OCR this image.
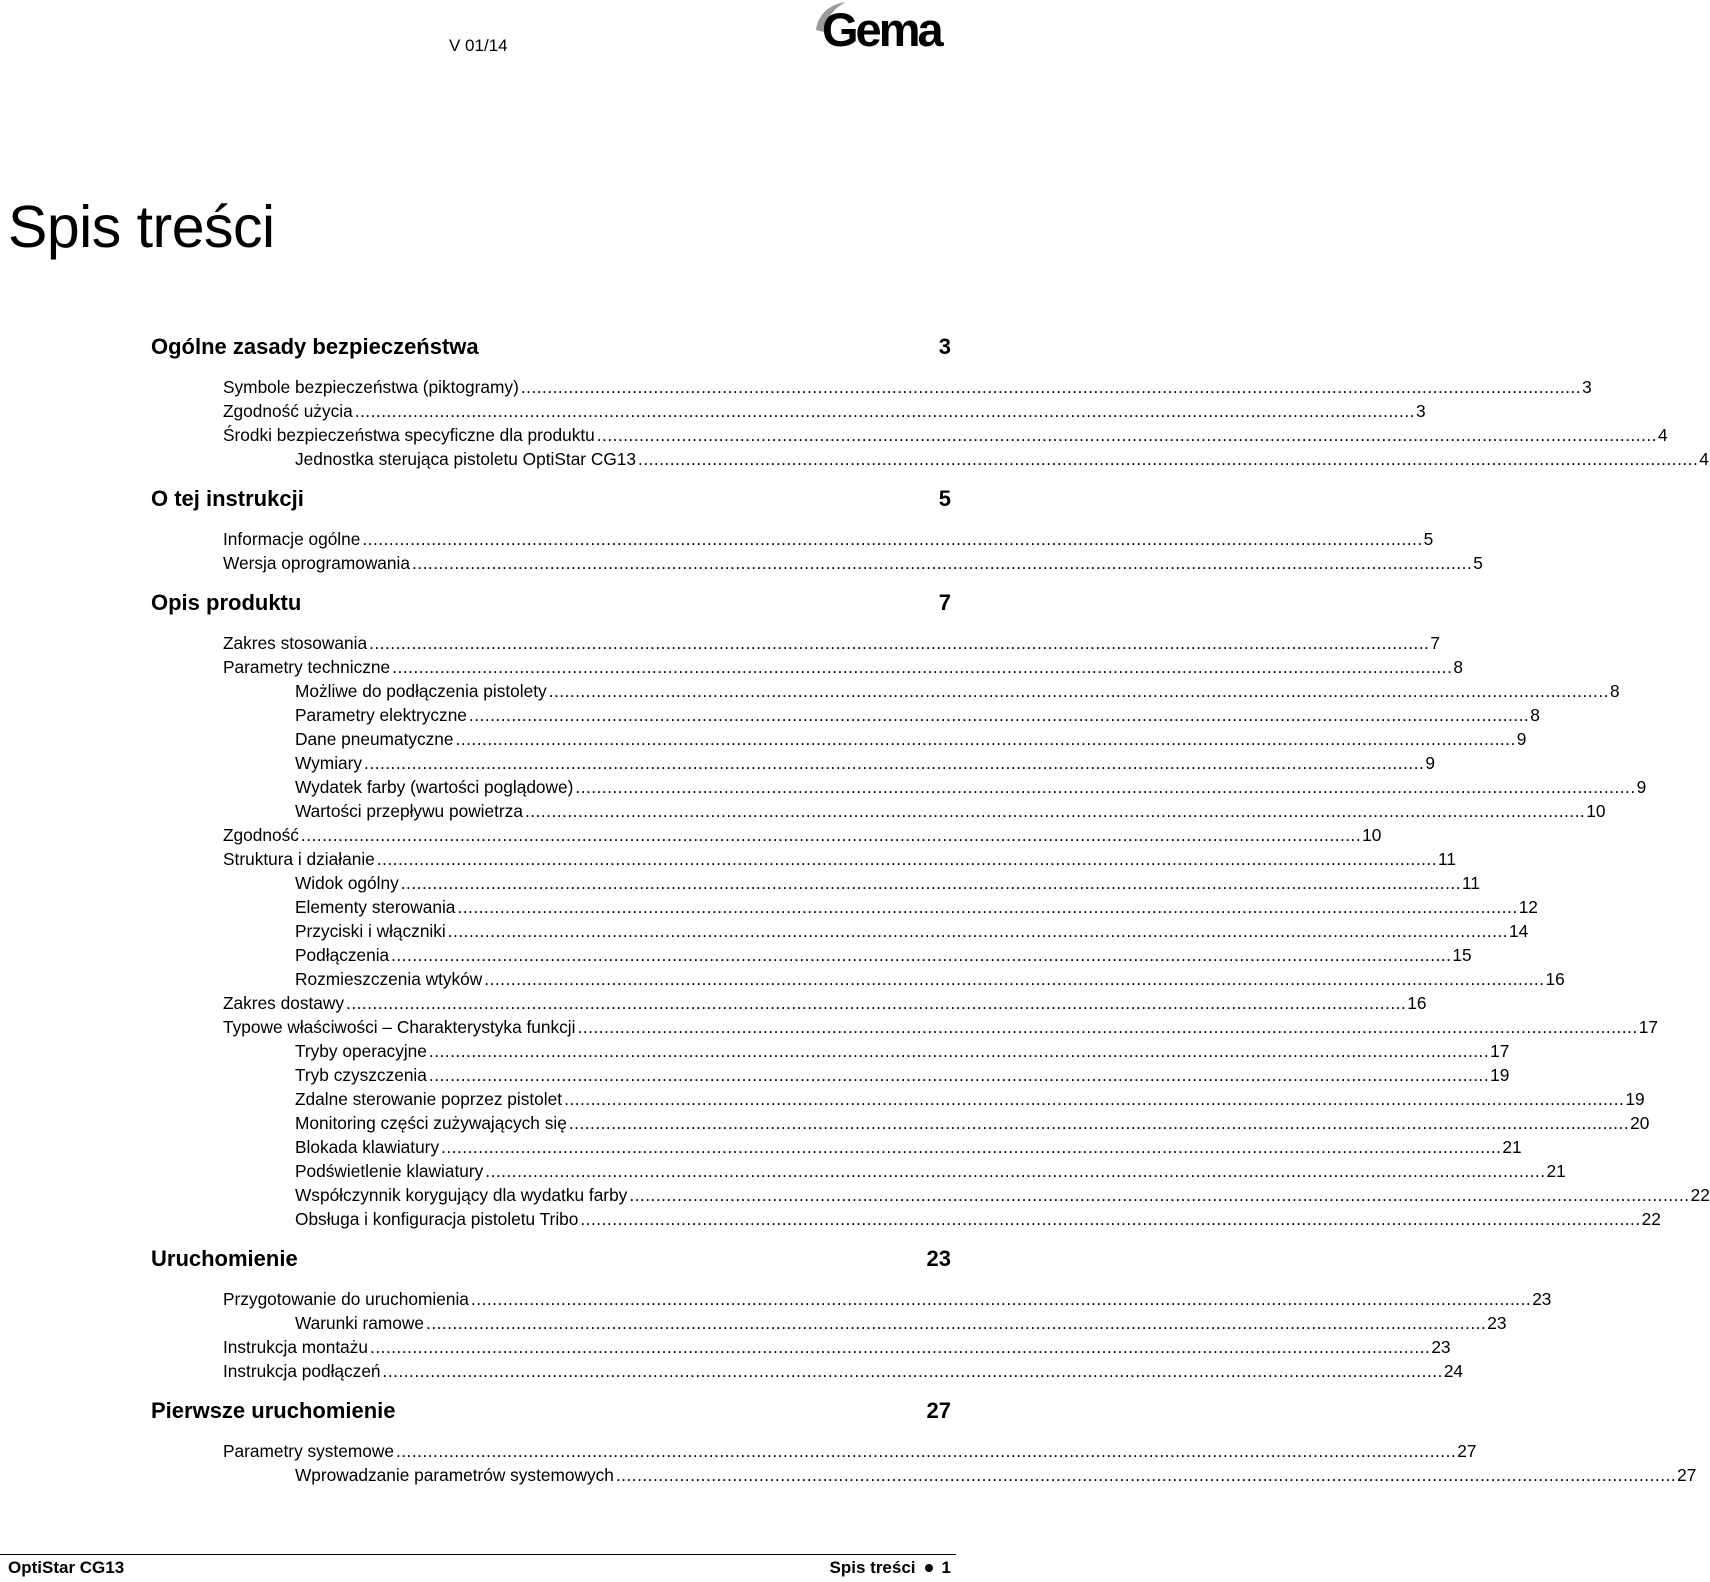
V 01/14	Gema
Spis treści
Ogólne zasady bezpieczeństwa	3
Symbole bezpieczeństwa (piktogramy) ........................................................................................................................................................................................................ 3
Zgodność użycia ........................................................................................................................................................................................................ 3
Środki bezpieczeństwa specyficzne dla produktu ........................................................................................................................................................................................................ 4
Jednostka sterująca pistoletu OptiStar CG13 ........................................................................................................................................................................................................ 4
O tej instrukcji	5
Informacje ogólne ........................................................................................................................................................................................................ 5
Wersja oprogramowania ........................................................................................................................................................................................................ 5
Opis produktu	7
Zakres stosowania ........................................................................................................................................................................................................ 7
Parametry techniczne ........................................................................................................................................................................................................ 8
Możliwe do podłączenia pistolety ........................................................................................................................................................................................................ 8
Parametry elektryczne ........................................................................................................................................................................................................ 8
Dane pneumatyczne ........................................................................................................................................................................................................ 9
Wymiary ........................................................................................................................................................................................................ 9
Wydatek farby (wartości poglądowe) ........................................................................................................................................................................................................ 9
Wartości przepływu powietrza ........................................................................................................................................................................................................ 10
Zgodność ........................................................................................................................................................................................................ 10
Struktura i działanie ........................................................................................................................................................................................................ 11
Widok ogólny ........................................................................................................................................................................................................ 11
Elementy sterowania ........................................................................................................................................................................................................ 12
Przyciski i włączniki ........................................................................................................................................................................................................ 14
Podłączenia ........................................................................................................................................................................................................ 15
Rozmieszczenia wtyków ........................................................................................................................................................................................................ 16
Zakres dostawy ........................................................................................................................................................................................................ 16
Typowe właściwości – Charakterystyka funkcji ........................................................................................................................................................................................................ 17
Tryby operacyjne ........................................................................................................................................................................................................ 17
Tryb czyszczenia ........................................................................................................................................................................................................ 19
Zdalne sterowanie poprzez pistolet ........................................................................................................................................................................................................ 19
Monitoring części zużywających się ........................................................................................................................................................................................................ 20
Blokada klawiatury ........................................................................................................................................................................................................ 21
Podświetlenie klawiatury ........................................................................................................................................................................................................ 21
Współczynnik korygujący dla wydatku farby ........................................................................................................................................................................................................ 22
Obsługa i konfiguracja pistoletu Tribo ........................................................................................................................................................................................................ 22
Uruchomienie	23
Przygotowanie do uruchomienia ........................................................................................................................................................................................................ 23
Warunki ramowe ........................................................................................................................................................................................................ 23
Instrukcja montażu ........................................................................................................................................................................................................ 23
Instrukcja podłączeń ........................................................................................................................................................................................................ 24
Pierwsze uruchomienie	27
Parametry systemowe ........................................................................................................................................................................................................ 27
Wprowadzanie parametrów systemowych ........................................................................................................................................................................................................ 27
OptiStar CG13	Spis treści 1
